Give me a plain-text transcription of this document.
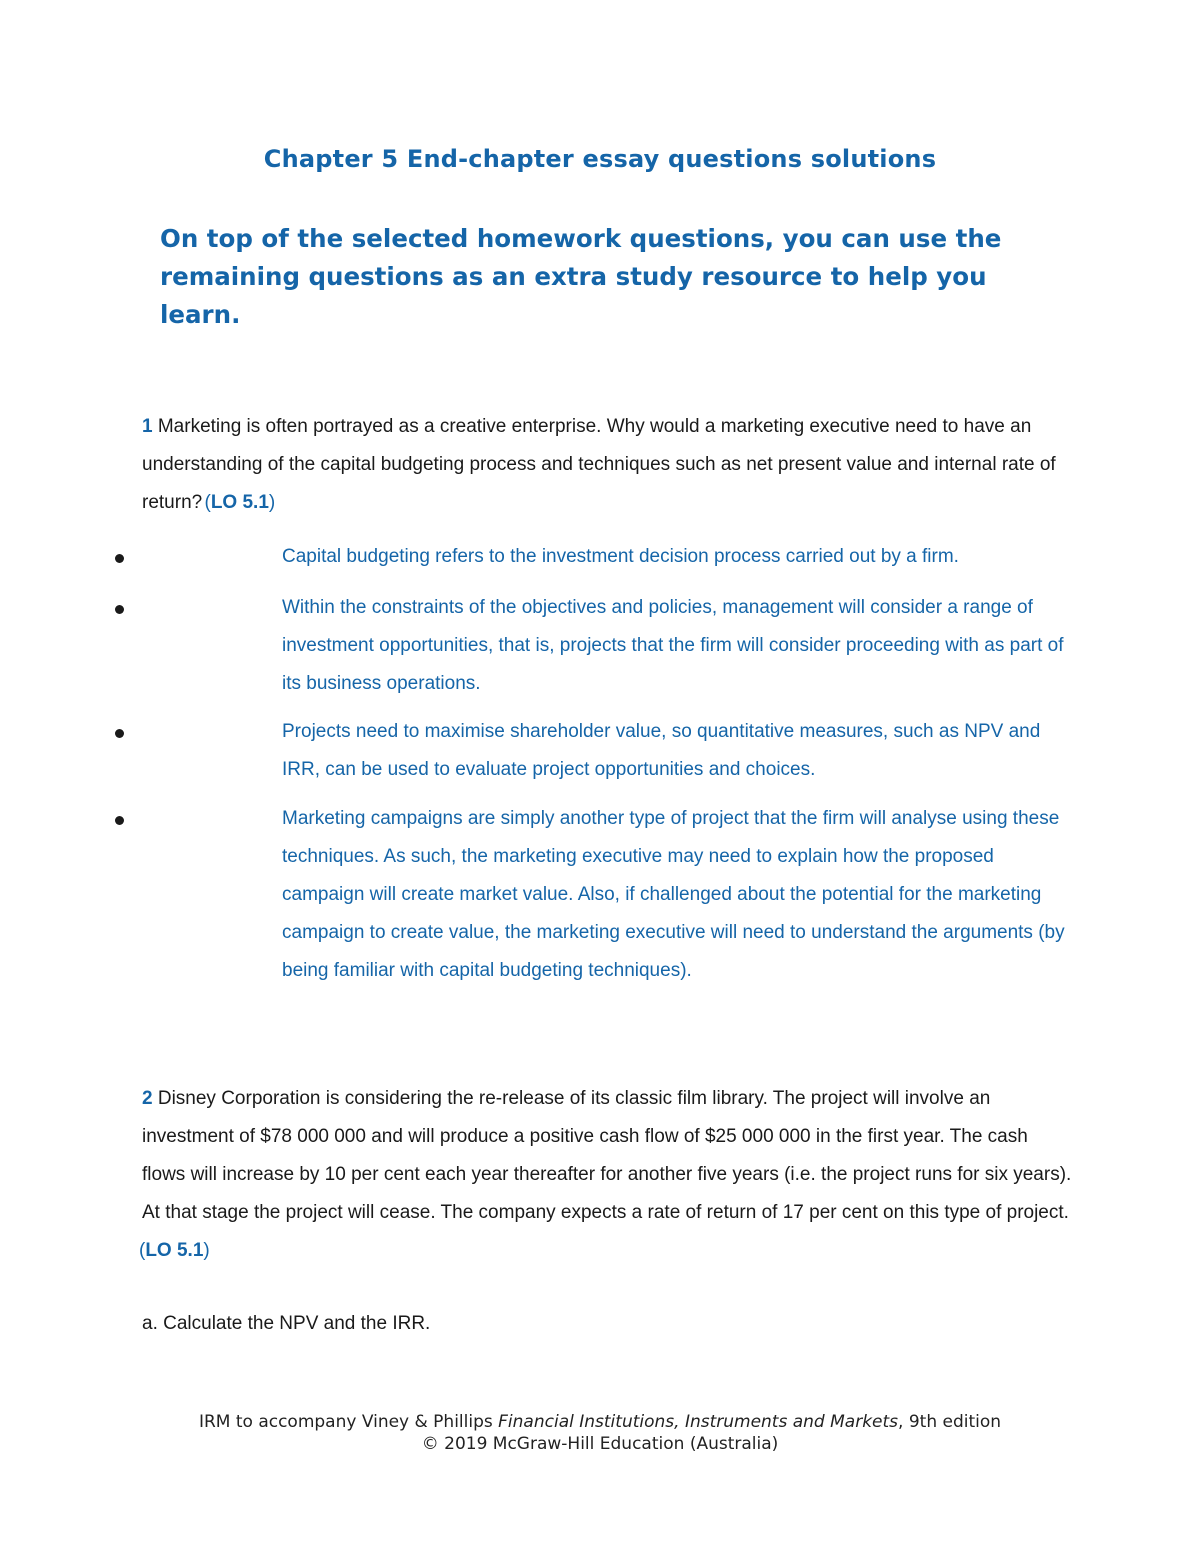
Chapter 5 End-chapter essay questions solutions
On top of the selected homework questions, you can use the remaining questions as an extra study resource to help you learn.
1 Marketing is often portrayed as a creative enterprise. Why would a marketing executive need to have an understanding of the capital budgeting process and techniques such as net present value and internal rate of return? (LO 5.1)
Capital budgeting refers to the investment decision process carried out by a firm.
Within the constraints of the objectives and policies, management will consider a range of investment opportunities, that is, projects that the firm will consider proceeding with as part of its business operations.
Projects need to maximise shareholder value, so quantitative measures, such as NPV and IRR, can be used to evaluate project opportunities and choices.
Marketing campaigns are simply another type of project that the firm will analyse using these techniques. As such, the marketing executive may need to explain how the proposed campaign will create market value. Also, if challenged about the potential for the marketing campaign to create value, the marketing executive will need to understand the arguments (by being familiar with capital budgeting techniques).
2 Disney Corporation is considering the re-release of its classic film library. The project will involve an investment of $78 000 000 and will produce a positive cash flow of $25 000 000 in the first year. The cash flows will increase by 10 per cent each year thereafter for another five years (i.e. the project runs for six years). At that stage the project will cease. The company expects a rate of return of 17 per cent on this type of project. (LO 5.1)
a. Calculate the NPV and the IRR.
IRM to accompany Viney & Phillips Financial Institutions, Instruments and Markets, 9th edition
© 2019 McGraw-Hill Education (Australia)
